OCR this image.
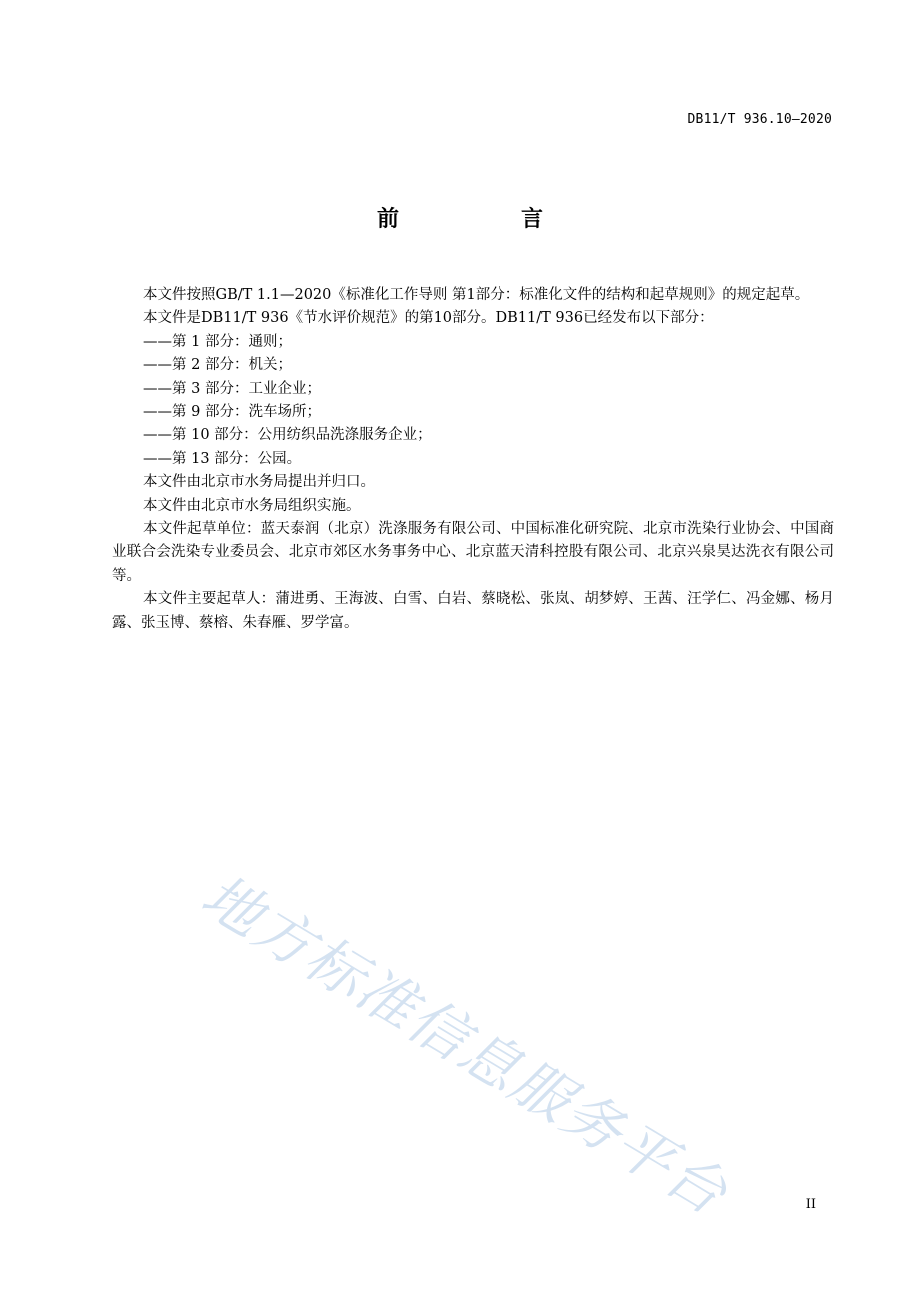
DB11/T 936.10—2020
前　言

本文件按照GB/T 1.1—2020《标准化工作导则 第1部分：标准化文件的结构和起草规则》的规定起草。

本文件是DB11/T 936《节水评价规范》的第10部分。DB11/T 936已经发布以下部分：

——第 1 部分：通则；

——第 2 部分：机关；

——第 3 部分：工业企业；

——第 9 部分：洗车场所；

——第 10 部分：公用纺织品洗涤服务企业；

——第 13 部分：公园。

本文件由北京市水务局提出并归口。

本文件由北京市水务局组织实施。

本文件起草单位：蓝天泰润（北京）洗涤服务有限公司、中国标准化研究院、北京市洗染行业协会、中国商业联合会洗染专业委员会、北京市郊区水务事务中心、北京蓝天清科控股有限公司、北京兴泉昊达洗衣有限公司等。

本文件主要起草人：蒲进勇、王海波、白雪、白岩、蔡晓松、张岚、胡梦婷、王茜、汪学仁、冯金娜、杨月露、张玉博、蔡榕、朱春雁、罗学富。

地方标准信息服务平台	II
